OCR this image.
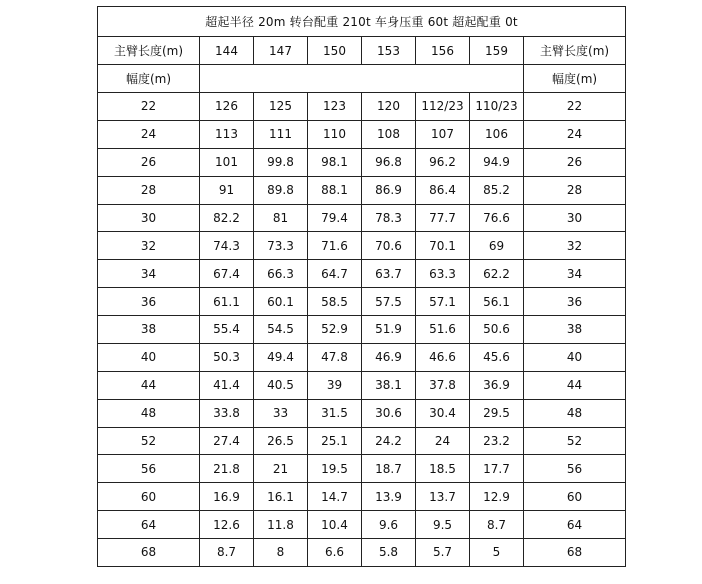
超起半径 20m 转台配重 210t 车身压重 60t 超起配重 0t							
主臂长度(m)	144	147	150	153	156	159	主臂长度(m)
幅度(m)							幅度(m)
22	126	125	123	120	112/23	110/23	22
24	113	111	110	108	107	106	24
26	101	99.8	98.1	96.8	96.2	94.9	26
28	91	89.8	88.1	86.9	86.4	85.2	28
30	82.2	81	79.4	78.3	77.7	76.6	30
32	74.3	73.3	71.6	70.6	70.1	69	32
34	67.4	66.3	64.7	63.7	63.3	62.2	34
36	61.1	60.1	58.5	57.5	57.1	56.1	36
38	55.4	54.5	52.9	51.9	51.6	50.6	38
40	50.3	49.4	47.8	46.9	46.6	45.6	40
44	41.4	40.5	39	38.1	37.8	36.9	44
48	33.8	33	31.5	30.6	30.4	29.5	48
52	27.4	26.5	25.1	24.2	24	23.2	52
56	21.8	21	19.5	18.7	18.5	17.7	56
60	16.9	16.1	14.7	13.9	13.7	12.9	60
64	12.6	11.8	10.4	9.6	9.5	8.7	64
68	8.7	8	6.6	5.8	5.7	5	68
